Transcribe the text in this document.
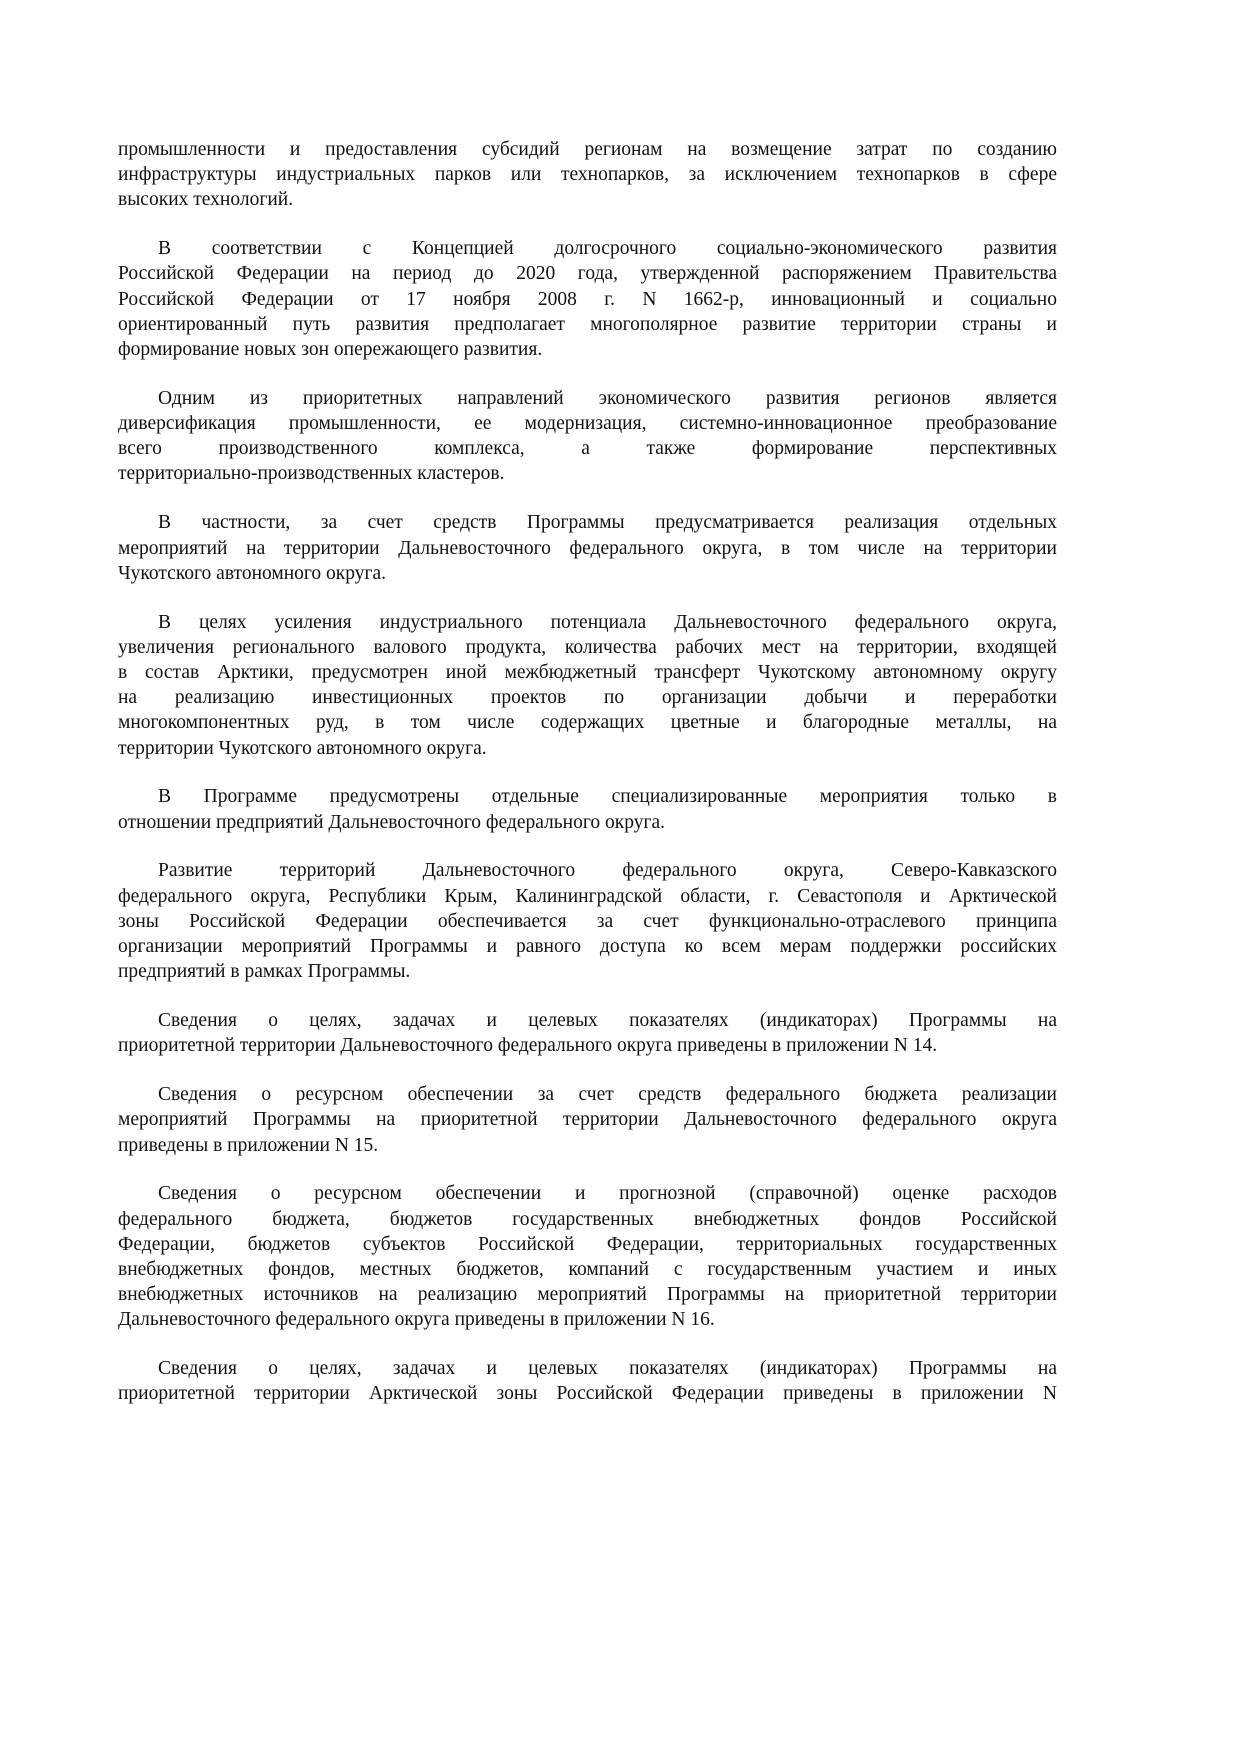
промышленности и предоставления субсидий регионам на возмещение затрат по созданию
инфраструктуры индустриальных парков или технопарков, за исключением технопарков в сфере
высоких технологий.
В соответствии с Концепцией долгосрочного социально-экономического развития
Российской Федерации на период до 2020 года, утвержденной распоряжением Правительства
Российской Федерации от 17 ноября 2008 г. N 1662-р, инновационный и социально
ориентированный путь развития предполагает многополярное развитие территории страны и
формирование новых зон опережающего развития.
Одним из приоритетных направлений экономического развития регионов является
диверсификация промышленности, ее модернизация, системно-инновационное преобразование
всего производственного комплекса, а также формирование перспективных
территориально-производственных кластеров.
В частности, за счет средств Программы предусматривается реализация отдельных
мероприятий на территории Дальневосточного федерального округа, в том числе на территории
Чукотского автономного округа.
В целях усиления индустриального потенциала Дальневосточного федерального округа,
увеличения регионального валового продукта, количества рабочих мест на территории, входящей
в состав Арктики, предусмотрен иной межбюджетный трансферт Чукотскому автономному округу
на реализацию инвестиционных проектов по организации добычи и переработки
многокомпонентных руд, в том числе содержащих цветные и благородные металлы, на
территории Чукотского автономного округа.
В Программе предусмотрены отдельные специализированные мероприятия только в
отношении предприятий Дальневосточного федерального округа.
Развитие территорий Дальневосточного федерального округа, Северо-Кавказского
федерального округа, Республики Крым, Калининградской области, г. Севастополя и Арктической
зоны Российской Федерации обеспечивается за счет функционально-отраслевого принципа
организации мероприятий Программы и равного доступа ко всем мерам поддержки российских
предприятий в рамках Программы.
Сведения о целях, задачах и целевых показателях (индикаторах) Программы на
приоритетной территории Дальневосточного федерального округа приведены в приложении N 14.
Сведения о ресурсном обеспечении за счет средств федерального бюджета реализации
мероприятий Программы на приоритетной территории Дальневосточного федерального округа
приведены в приложении N 15.
Сведения о ресурсном обеспечении и прогнозной (справочной) оценке расходов
федерального бюджета, бюджетов государственных внебюджетных фондов Российской
Федерации, бюджетов субъектов Российской Федерации, территориальных государственных
внебюджетных фондов, местных бюджетов, компаний с государственным участием и иных
внебюджетных источников на реализацию мероприятий Программы на приоритетной территории
Дальневосточного федерального округа приведены в приложении N 16.
Сведения о целях, задачах и целевых показателях (индикаторах) Программы на
приоритетной территории Арктической зоны Российской Федерации приведены в приложении N
